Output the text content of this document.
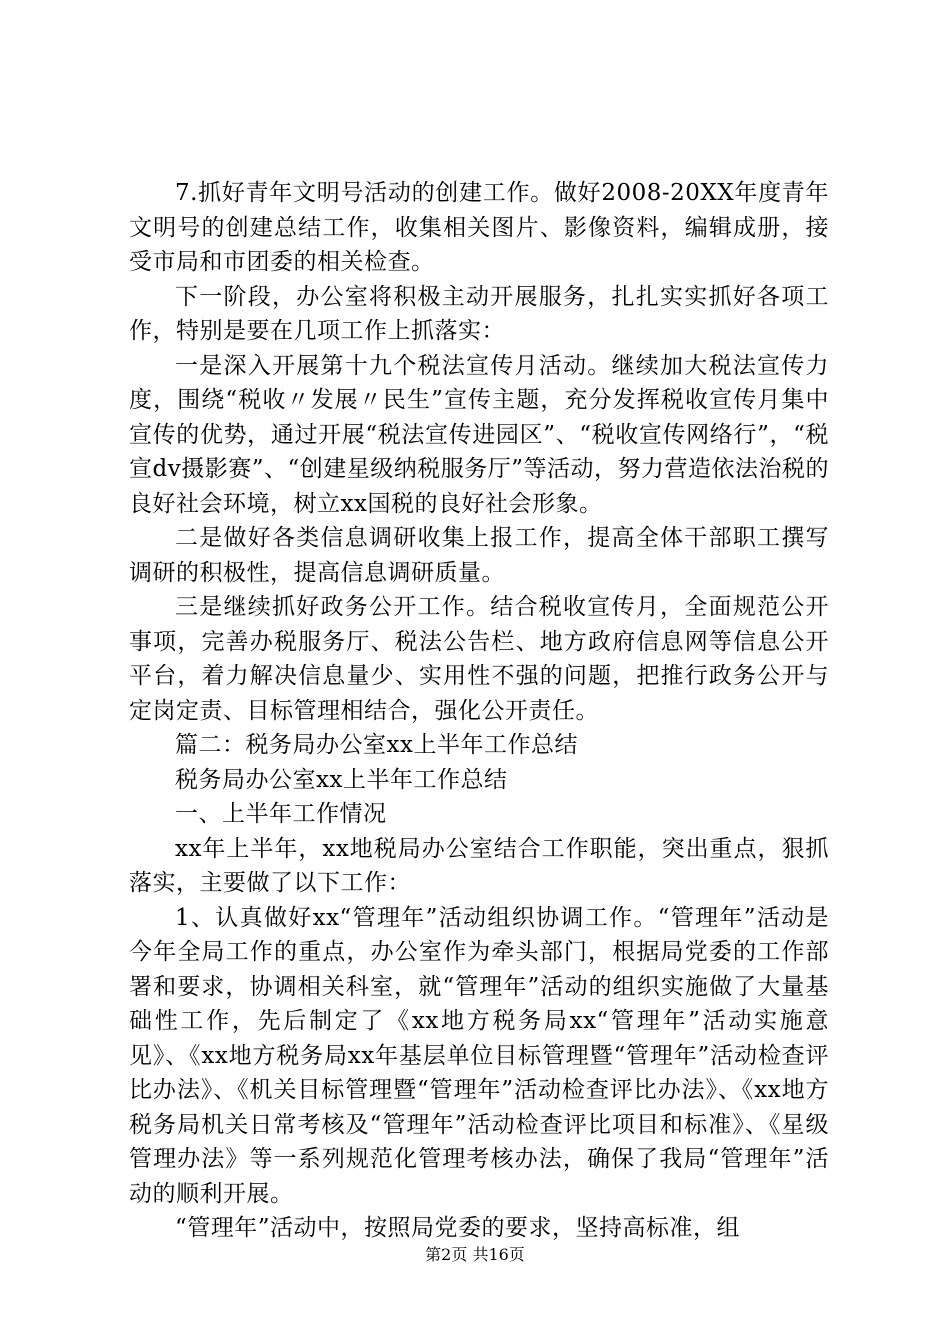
7.抓好青年文明号活动的创建工作。做好2008-20XX年度青年文明号的创建总结工作，收集相关图片、影像资料，编辑成册，接受市局和市团委的相关检查。

下一阶段，办公室将积极主动开展服务，扎扎实实抓好各项工作，特别是要在几项工作上抓落实：

一是深入开展第十九个税法宣传月活动。继续加大税法宣传力度，围绕“税收〃发展〃民生”宣传主题，充分发挥税收宣传月集中宣传的优势，通过开展“税法宣传进园区”、“税收宣传网络行”，“税宣dv摄影赛”、“创建星级纳税服务厅”等活动，努力营造依法治税的良好社会环境，树立xx国税的良好社会形象。

二是做好各类信息调研收集上报工作，提高全体干部职工撰写调研的积极性，提高信息调研质量。

三是继续抓好政务公开工作。结合税收宣传月，全面规范公开事项，完善办税服务厅、税法公告栏、地方政府信息网等信息公开平台，着力解决信息量少、实用性不强的问题，把推行政务公开与定岗定责、目标管理相结合，强化公开责任。

篇二：税务局办公室xx上半年工作总结

税务局办公室xx上半年工作总结

一、上半年工作情况

xx年上半年，xx地税局办公室结合工作职能，突出重点，狠抓落实，主要做了以下工作：

1、认真做好xx“管理年”活动组织协调工作。“管理年”活动是今年全局工作的重点，办公室作为牵头部门，根据局党委的工作部署和要求，协调相关科室，就“管理年”活动的组织实施做了大量基础性工作，先后制定了《xx地方税务局xx“管理年”活动实施意见》、《xx地方税务局xx年基层单位目标管理暨“管理年”活动检查评比办法》、《机关目标管理暨“管理年”活动检查评比办法》、《xx地方税务局机关日常考核及“管理年”活动检查评比项目和标准》、《星级管理办法》等一系列规范化管理考核办法，确保了我局“管理年”活动的顺利开展。

“管理年”活动中，按照局党委的要求，坚持高标准，组

第2页 共16页
